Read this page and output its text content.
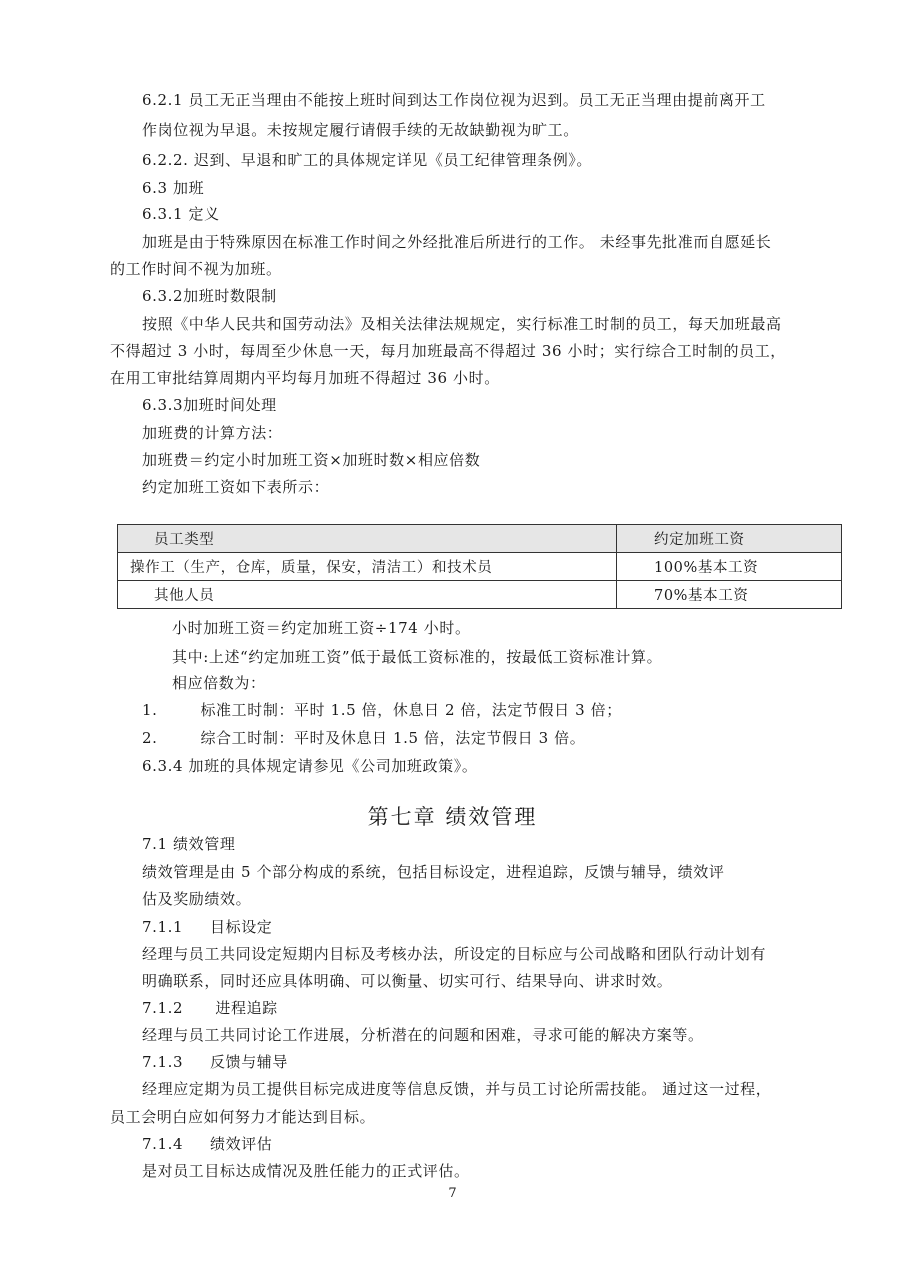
6.2.1 员工无正当理由不能按上班时间到达工作岗位视为迟到。员工无正当理由提前离开工
作岗位视为早退。未按规定履行请假手续的无故缺勤视为旷工。
6.2.2. 迟到、早退和旷工的具体规定详见《员工纪律管理条例》。
6.3 加班
6.3.1 定义
加班是由于特殊原因在标准工作时间之外经批准后所进行的工作。 未经事先批准而自愿延长
的工作时间不视为加班。
6.3.2加班时数限制
按照《中华人民共和国劳动法》及相关法律法规规定，实行标准工时制的员工，每天加班最高
不得超过 3 小时，每周至少休息一天，每月加班最高不得超过 36 小时；实行综合工时制的员工，
在用工审批结算周期内平均每月加班不得超过 36 小时。
6.3.3加班时间处理
加班费的计算方法：
加班费＝约定小时加班工资×加班时数×相应倍数
约定加班工资如下表所示：
员工类型	约定加班工资
操作工（生产，仓库，质量，保安，清洁工）和技术员	100%基本工资
其他人员	70%基本工资
小时加班工资＝约定加班工资÷174 小时。
其中:上述“约定加班工资”低于最低工资标准的，按最低工资标准计算。
相应倍数为：
1.        标准工时制：平时 1.5 倍，休息日 2 倍，法定节假日 3 倍；
2.        综合工时制：平时及休息日 1.5 倍，法定节假日 3 倍。
6.3.4 加班的具体规定请参见《公司加班政策》。
第七章 绩效管理
7.1 绩效管理
绩效管理是由 5 个部分构成的系统，包括目标设定，进程追踪，反馈与辅导，绩效评
估及奖励绩效。
7.1.1     目标设定
经理与员工共同设定短期内目标及考核办法，所设定的目标应与公司战略和团队行动计划有
明确联系，同时还应具体明确、可以衡量、切实可行、结果导向、讲求时效。
7.1.2      进程追踪
经理与员工共同讨论工作进展，分析潜在的问题和困难，寻求可能的解决方案等。
7.1.3     反馈与辅导
经理应定期为员工提供目标完成进度等信息反馈，并与员工讨论所需技能。 通过这一过程，
员工会明白应如何努力才能达到目标。
7.1.4     绩效评估
是对员工目标达成情况及胜任能力的正式评估。
7
